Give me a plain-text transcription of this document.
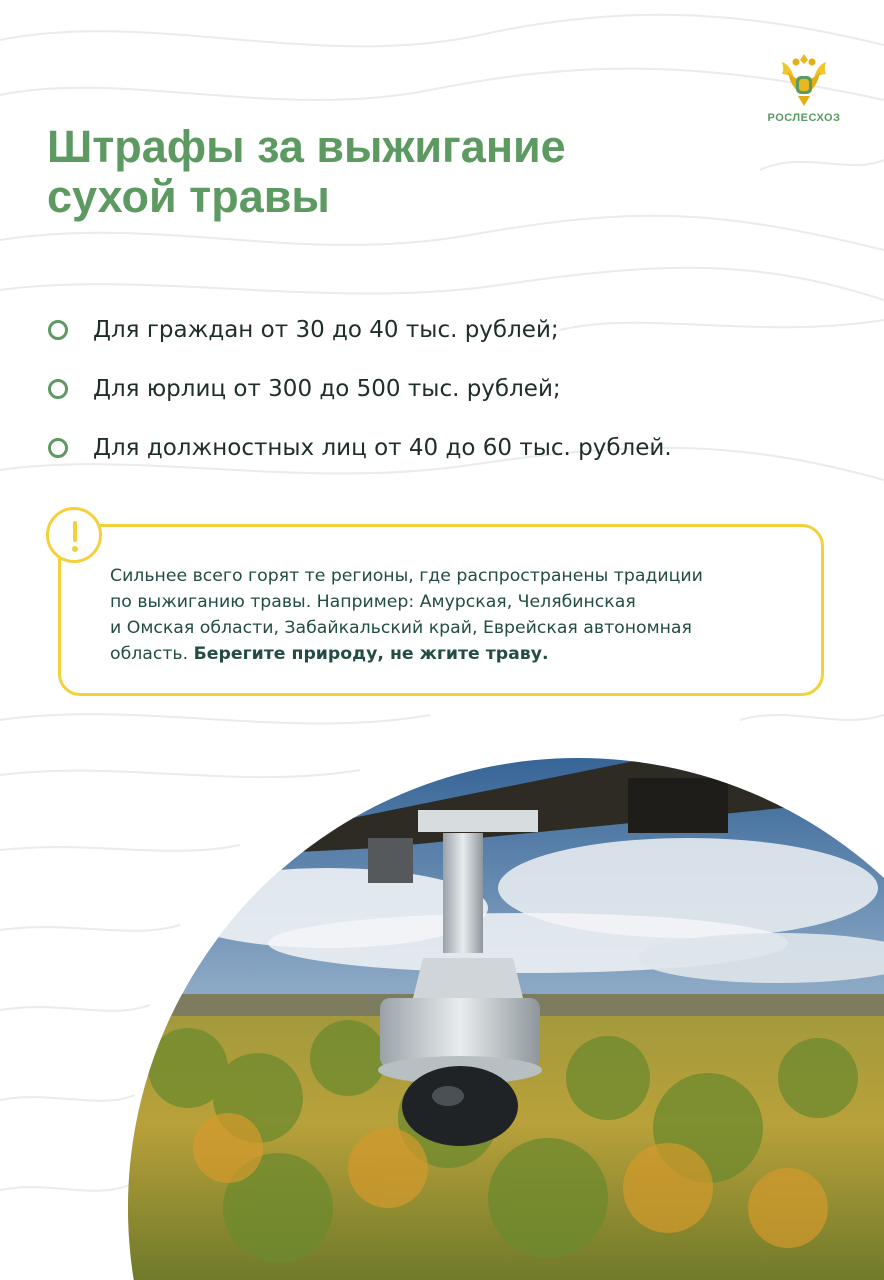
РОСЛЕСХОЗ
Штрафы за выжигание
сухой травы
Для граждан от 30 до 40 тыс. рублей;
Для юрлиц от 300 до 500 тыс. рублей;
Для должностных лиц от 40 до 60 тыс. рублей.

Сильнее всего горят те регионы, где распространены традиции
по выжиганию травы. Например: Амурская, Челябинская
и Омская области, Забайкальский край, Еврейская автономная
область. Берегите природу, не жгите траву.
